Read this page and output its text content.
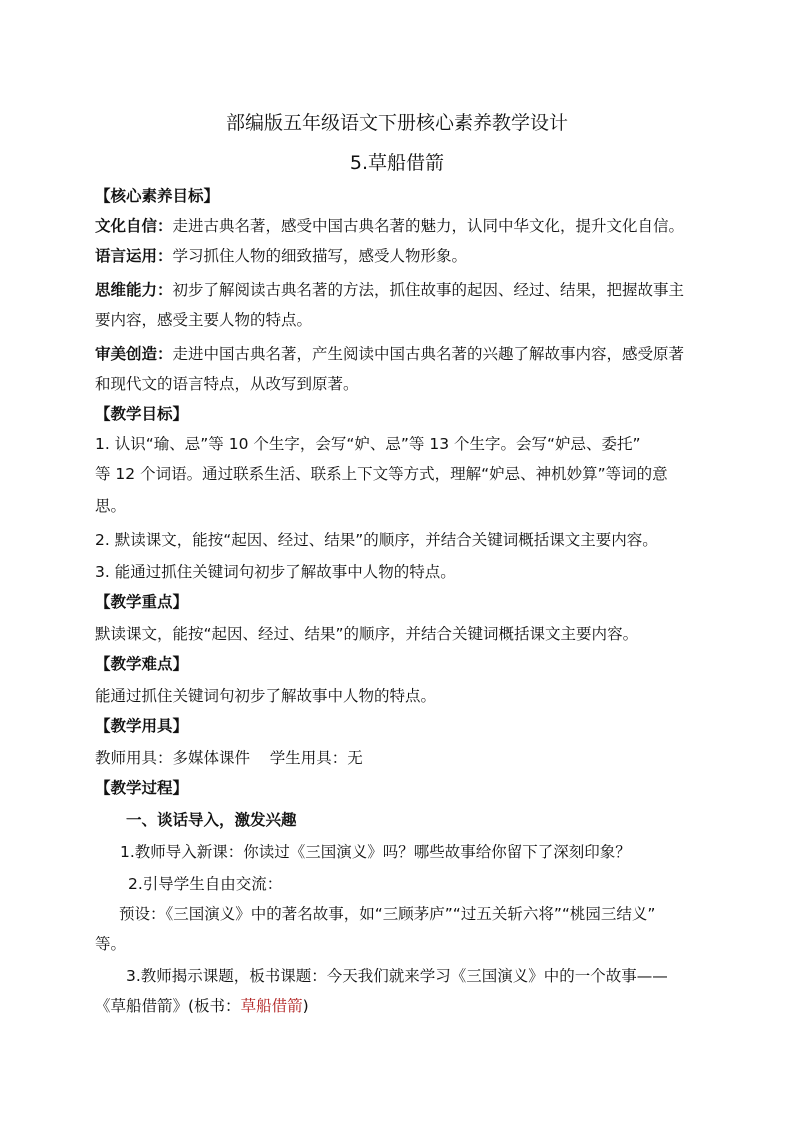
部编版五年级语文下册核心素养教学设计
5.草船借箭
【核心素养目标】
文化自信：走进古典名著，感受中国古典名著的魅力，认同中华文化，提升文化自信。
语言运用：学习抓住人物的细致描写，感受人物形象。
思维能力：初步了解阅读古典名著的方法，抓住故事的起因、经过、结果，把握故事主
要内容，感受主要人物的特点。
审美创造：走进中国古典名著，产生阅读中国古典名著的兴趣了解故事内容，感受原著
和现代文的语言特点，从改写到原著。
【教学目标】
1. 认识“瑜、忌”等 10 个生字，会写“妒、忌”等 13 个生字。会写“妒忌、委托”
等 12 个词语。通过联系生活、联系上下文等方式，理解“妒忌、神机妙算”等词的意
思。
2. 默读课文，能按“起因、经过、结果”的顺序，并结合关键词概括课文主要内容。
3. 能通过抓住关键词句初步了解故事中人物的特点。
【教学重点】
默读课文，能按“起因、经过、结果”的顺序，并结合关键词概括课文主要内容。
【教学难点】
能通过抓住关键词句初步了解故事中人物的特点。
【教学用具】
教师用具：多媒体课件    学生用具：无
【教学过程】
一、谈话导入，激发兴趣
1.教师导入新课：你读过《三国演义》吗？哪些故事给你留下了深刻印象？
2.引导学生自由交流：
预设：《三国演义》中的著名故事，如“三顾茅庐”“过五关斩六将”“桃园三结义”
等。
3.教师揭示课题，板书课题：今天我们就来学习《三国演义》中的一个故事——
《草船借箭》(板书：草船借箭)
